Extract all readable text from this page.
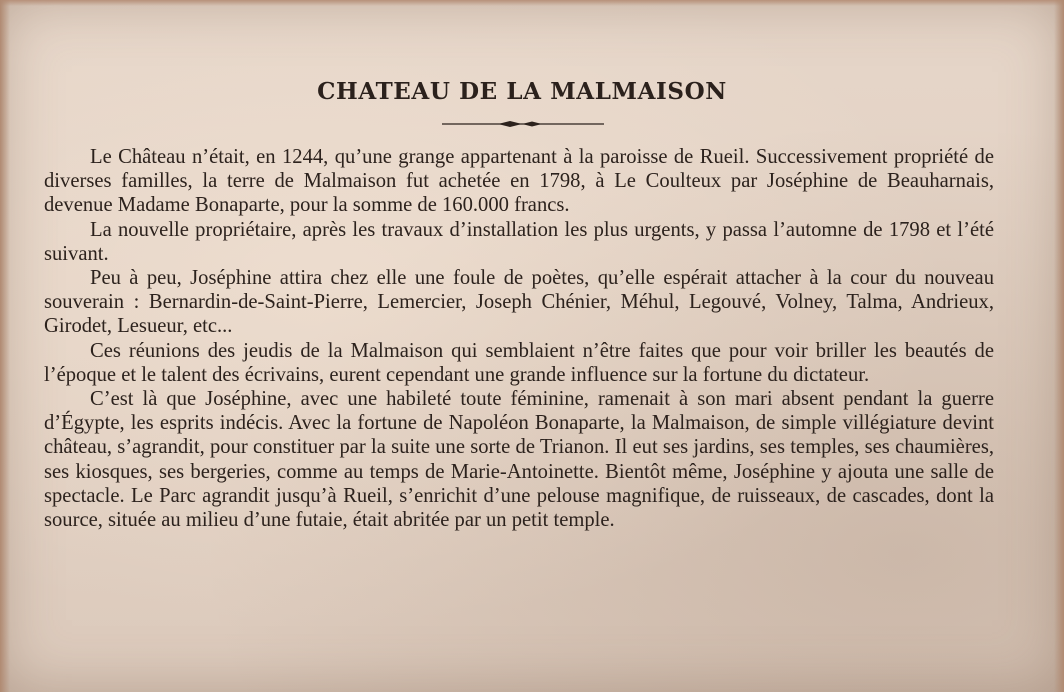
CHATEAU DE LA MALMAISON

Le Château n’était, en 1244, qu’une grange appartenant à la paroisse de Rueil. Successivement propriété de diverses familles, la terre de Malmaison fut achetée en 1798, à Le Coulteux par Joséphine de Beauharnais, devenue Madame Bonaparte, pour la somme de 160.000 francs.

La nouvelle propriétaire, après les travaux d’installation les plus urgents, y passa l’automne de 1798 et l’été suivant.

Peu à peu, Joséphine attira chez elle une foule de poètes, qu’elle espérait attacher à la cour du nouveau souverain : Bernardin-de-Saint-Pierre, Lemercier, Joseph Chénier, Méhul, Legouvé, Volney, Talma, Andrieux, Girodet, Lesueur, etc...

Ces réunions des jeudis de la Malmaison qui semblaient n’être faites que pour voir briller les beautés de l’époque et le talent des écrivains, eurent cependant une grande influence sur la fortune du dictateur.

C’est là que Joséphine, avec une habileté toute féminine, ramenait à son mari absent pendant la guerre d’Égypte, les esprits indécis. Avec la fortune de Napoléon Bonaparte, la Malmaison, de simple villégiature devint château, s’agrandit, pour constituer par la suite une sorte de Trianon. Il eut ses jardins, ses temples, ses chaumières, ses kiosques, ses bergeries, comme au temps de Marie-Antoinette. Bientôt même, Joséphine y ajouta une salle de spectacle. Le Parc agrandit jusqu’à Rueil, s’enrichit d’une pelouse magnifique, de ruisseaux, de cascades, dont la source, située au milieu d’une futaie, était abritée par un petit temple.
